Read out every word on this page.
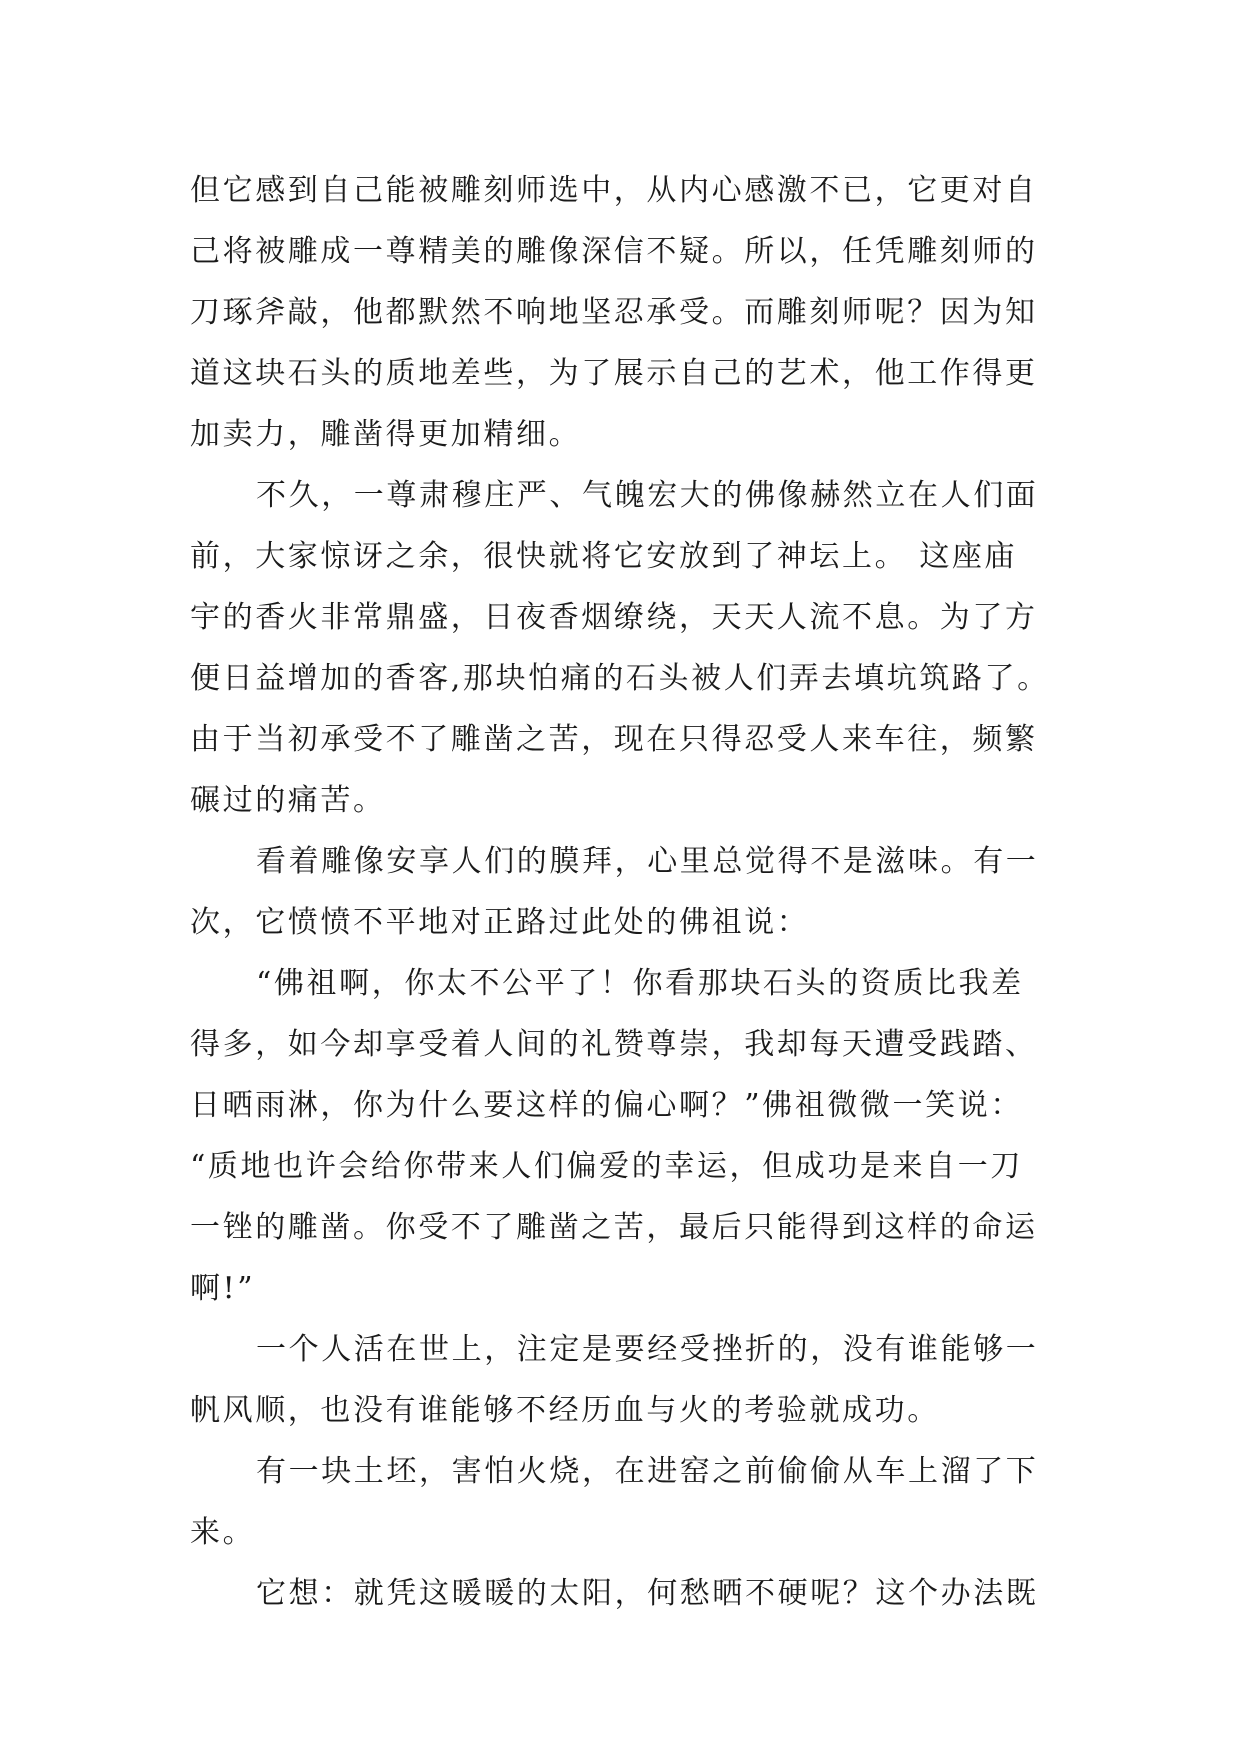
但它感到自己能被雕刻师选中，从内心感激不已，它更对自
己将被雕成一尊精美的雕像深信不疑。所以，任凭雕刻师的
刀琢斧敲，他都默然不响地坚忍承受。而雕刻师呢？因为知
道这块石头的质地差些，为了展示自己的艺术，他工作得更
加卖力，雕凿得更加精细。
不久，一尊肃穆庄严、气魄宏大的佛像赫然立在人们面
前，大家惊讶之余，很快就将它安放到了神坛上。 这座庙
宇的香火非常鼎盛，日夜香烟缭绕，天天人流不息。为了方
便日益增加的香客,那块怕痛的石头被人们弄去填坑筑路了。
由于当初承受不了雕凿之苦，现在只得忍受人来车往，频繁
碾过的痛苦。
看着雕像安享人们的膜拜，心里总觉得不是滋味。有一
次，它愤愤不平地对正路过此处的佛祖说：
“佛祖啊，你太不公平了！你看那块石头的资质比我差
得多，如今却享受着人间的礼赞尊崇，我却每天遭受践踏、
日晒雨淋，你为什么要这样的偏心啊？”佛祖微微一笑说：
“质地也许会给你带来人们偏爱的幸运，但成功是来自一刀
一锉的雕凿。你受不了雕凿之苦，最后只能得到这样的命运
啊!”
一个人活在世上，注定是要经受挫折的，没有谁能够一
帆风顺，也没有谁能够不经历血与火的考验就成功。
有一块土坯，害怕火烧，在进窑之前偷偷从车上溜了下
来。
它想：就凭这暖暖的太阳，何愁晒不硬呢？这个办法既
